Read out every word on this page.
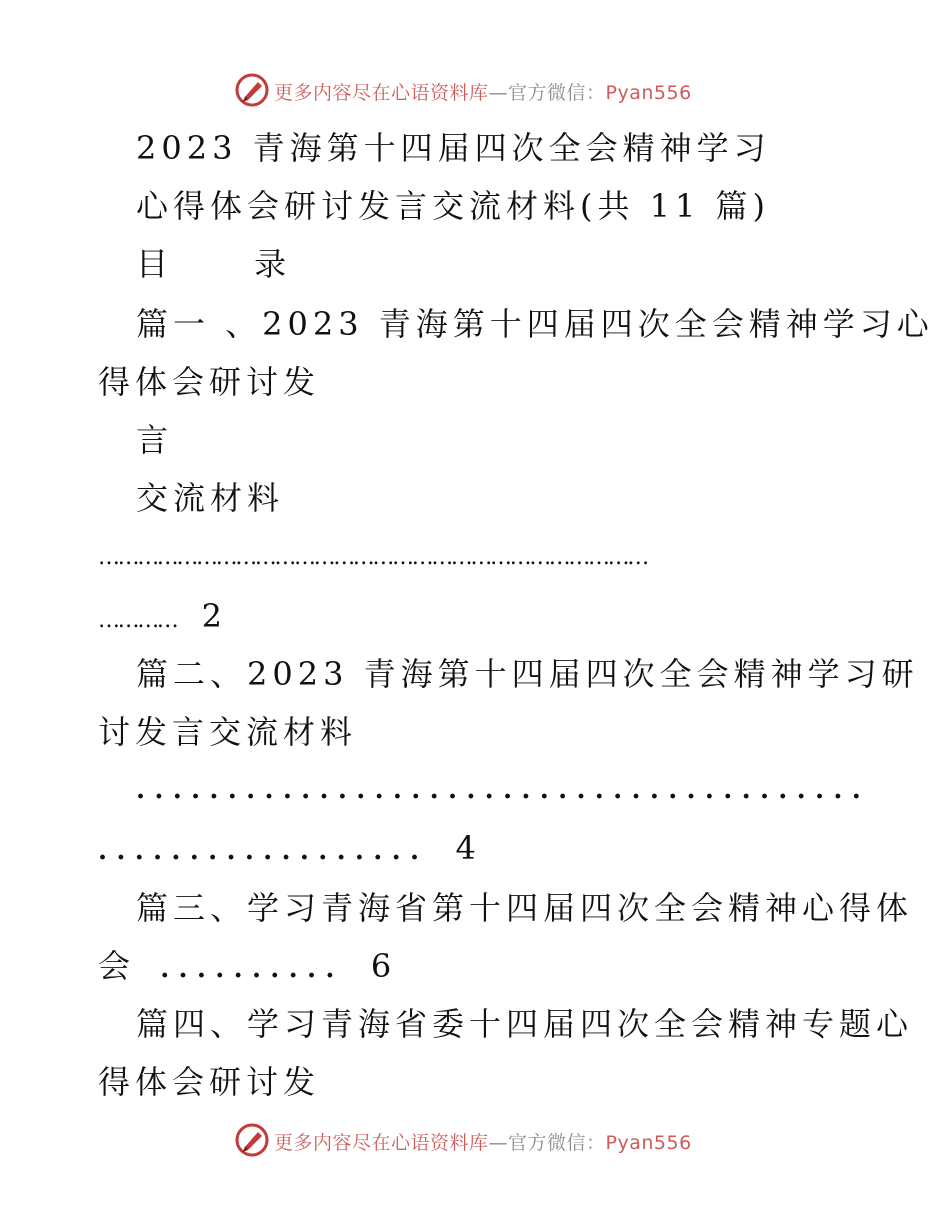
更多内容尽在心语资料库—官方微信：Pyan556
2023 青海第十四届四次全会精神学习
心得体会研讨发言交流材料(共 11 篇)
目 录
篇一 、2023 青海第十四届四次全会精神学习心
得体会研讨发
言
交流材料
…………………………………………………………………………
………… 2
篇二、2023 青海第十四届四次全会精神学习研
讨发言交流材料
........................................
.................. 4
篇三、学习青海省第十四届四次全会精神心得体
会 .......... 6
篇四、学习青海省委十四届四次全会精神专题心
得体会研讨发
更多内容尽在心语资料库—官方微信：Pyan556
